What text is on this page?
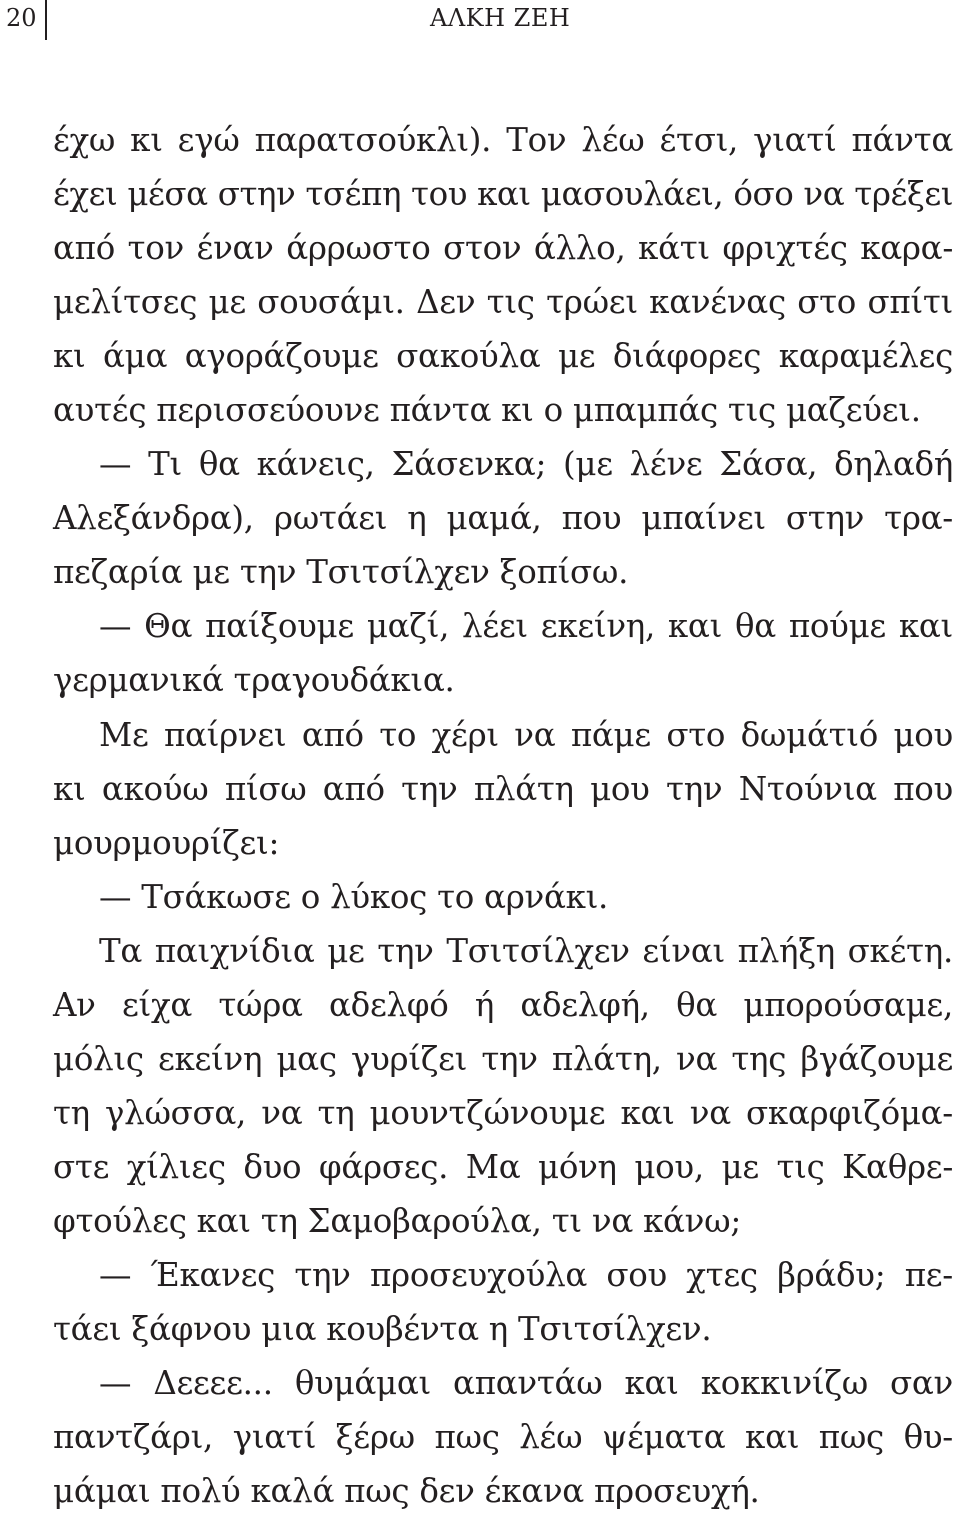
20	ΑΛΚΗ ΖΕΗ
έχω κι εγώ παρατσούκλι). Τον λέω έτσι, γιατί πάντα
έχει μέσα στην τσέπη του και μασουλάει, όσο να τρέξει
από τον έναν άρρωστο στον άλλο, κάτι φριχτές καρα-
μελίτσες με σουσάμι. Δεν τις τρώει κανένας στο σπίτι
κι άμα αγοράζουμε σακούλα με διάφορες καραμέλες
αυτές περισσεύουνε πάντα κι ο μπαμπάς τις μαζεύει.
— Τι θα κάνεις, Σάσενκα; (με λένε Σάσα, δηλαδή
Αλεξάνδρα), ρωτάει η μαμά, που μπαίνει στην τρα-
πεζαρία με την Τσιτσίλχεν ξοπίσω.
— Θα παίξουμε μαζί, λέει εκείνη, και θα πούμε και
γερμανικά τραγουδάκια.
Με παίρνει από το χέρι να πάμε στο δωμάτιό μου
κι ακούω πίσω από την πλάτη μου την Ντούνια που
μουρμουρίζει:
— Τσάκωσε ο λύκος το αρνάκι.
Τα παιχνίδια με την Τσιτσίλχεν είναι πλήξη σκέτη.
Αν είχα τώρα αδελφό ή αδελφή, θα μπορούσαμε,
μόλις εκείνη μας γυρίζει την πλάτη, να της βγάζουμε
τη γλώσσα, να τη μουντζώνουμε και να σκαρφιζόμα-
στε χίλιες δυο φάρσες. Μα μόνη μου, με τις Καθρε-
φτούλες και τη Σαμοβαρούλα, τι να κάνω;
— Έκανες την προσευχούλα σου χτες βράδυ; πε-
τάει ξάφνου μια κουβέντα η Τσιτσίλχεν.
— Δεεεε... θυμάμαι απαντάω και κοκκινίζω σαν
παντζάρι, γιατί ξέρω πως λέω ψέματα και πως θυ-
μάμαι πολύ καλά πως δεν έκανα προσευχή.
